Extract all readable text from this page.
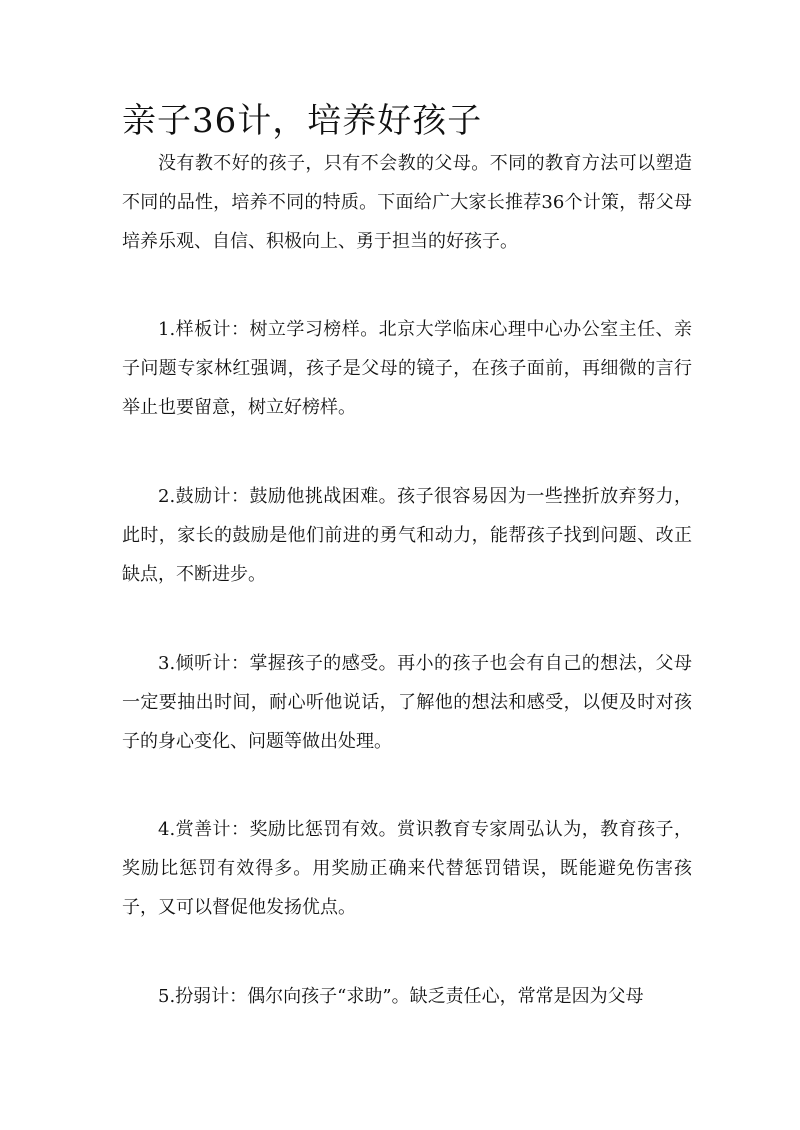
亲子36计，培养好孩子

没有教不好的孩子，只有不会教的父母。不同的教育方法可以塑造不同的品性，培养不同的特质。下面给广大家长推荐36个计策，帮父母培养乐观、自信、积极向上、勇于担当的好孩子。

1.样板计：树立学习榜样。北京大学临床心理中心办公室主任、亲子问题专家林红强调，孩子是父母的镜子，在孩子面前，再细微的言行举止也要留意，树立好榜样。

2.鼓励计：鼓励他挑战困难。孩子很容易因为一些挫折放弃努力，此时，家长的鼓励是他们前进的勇气和动力，能帮孩子找到问题、改正缺点，不断进步。

3.倾听计：掌握孩子的感受。再小的孩子也会有自己的想法，父母一定要抽出时间，耐心听他说话，了解他的想法和感受，以便及时对孩子的身心变化、问题等做出处理。

4.赏善计：奖励比惩罚有效。赏识教育专家周弘认为，教育孩子，奖励比惩罚有效得多。用奖励正确来代替惩罚错误，既能避免伤害孩子，又可以督促他发扬优点。

5.扮弱计：偶尔向孩子“求助”。缺乏责任心，常常是因为父母
